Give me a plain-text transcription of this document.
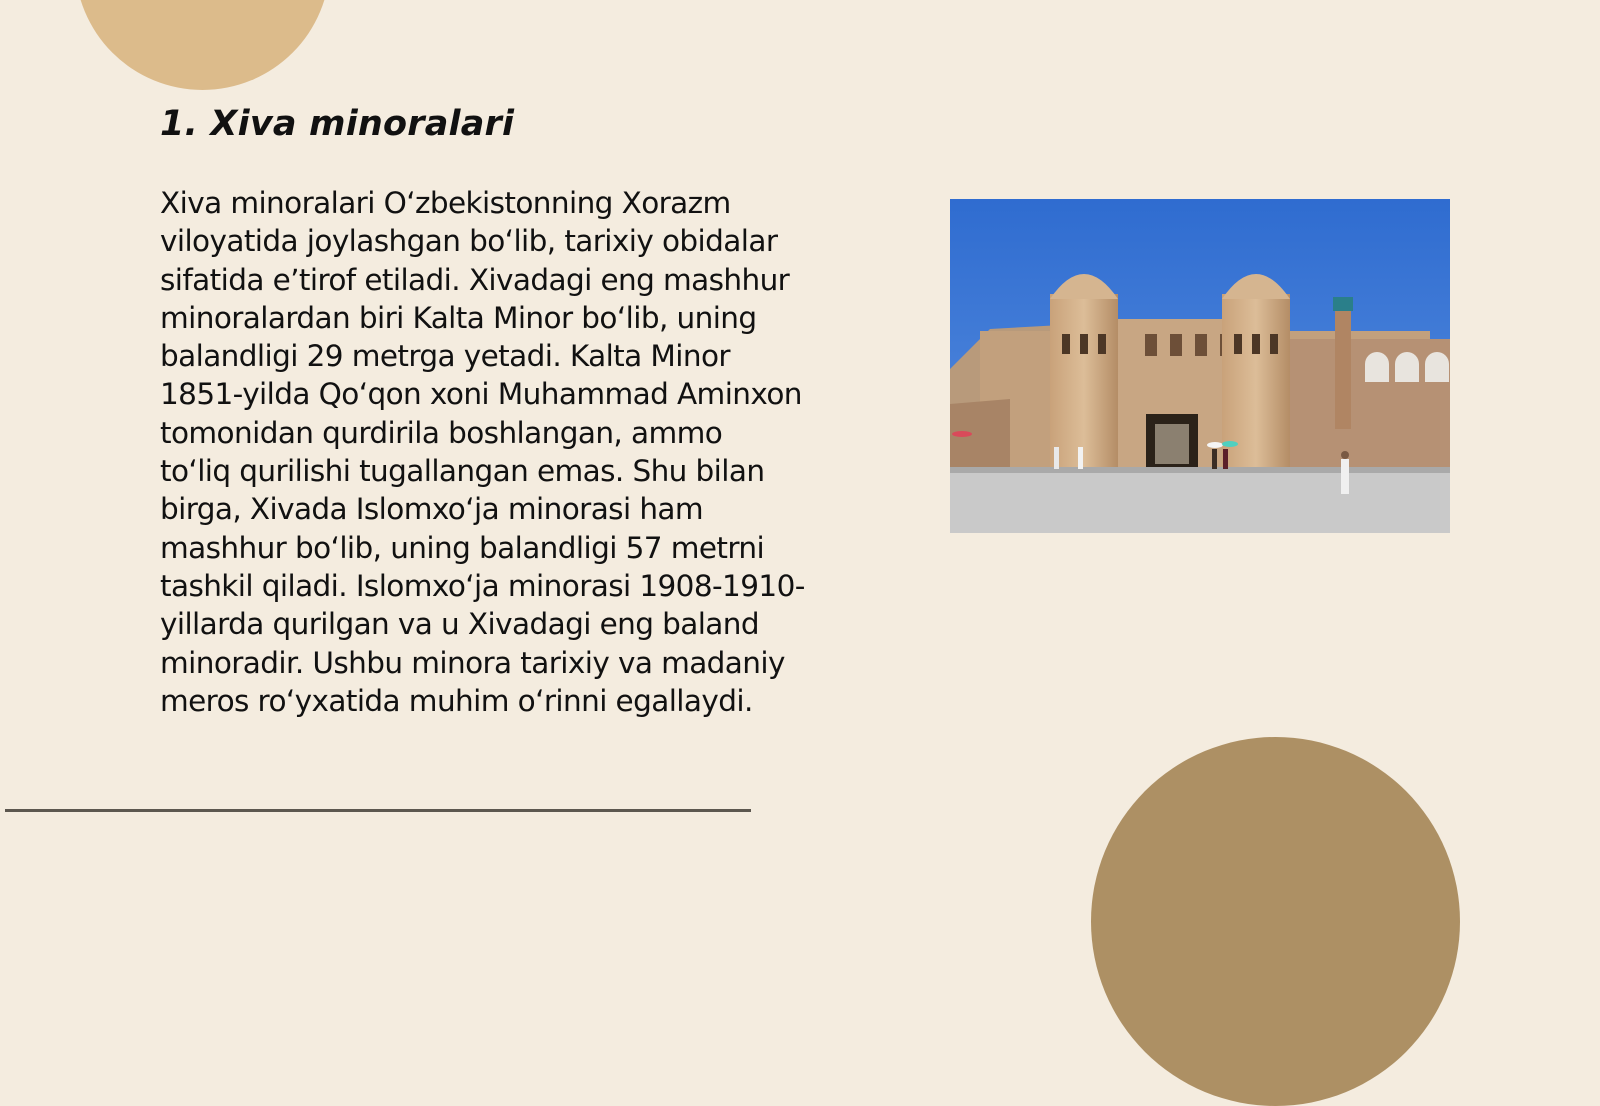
1. Xiva minoralari

Xiva minoralari Oʻzbekistonning Xorazm
viloyatida joylashgan boʻlib, tarixiy obidalar
sifatida eʼtirof etiladi. Xivadagi eng mashhur
minoralardan biri Kalta Minor boʻlib, uning
balandligi 29 metrga yetadi. Kalta Minor
1851-yilda Qoʻqon xoni Muhammad Aminxon
tomonidan qurdirila boshlangan, ammo
toʻliq qurilishi tugallangan emas. Shu bilan
birga, Xivada Islomxoʻja minorasi ham
mashhur boʻlib, uning balandligi 57 metrni
tashkil qiladi. Islomxoʻja minorasi 1908-1910-
yillarda qurilgan va u Xivadagi eng baland
minoradir. Ushbu minora tarixiy va madaniy
meros roʻyxatida muhim oʻrinni egallaydi.
